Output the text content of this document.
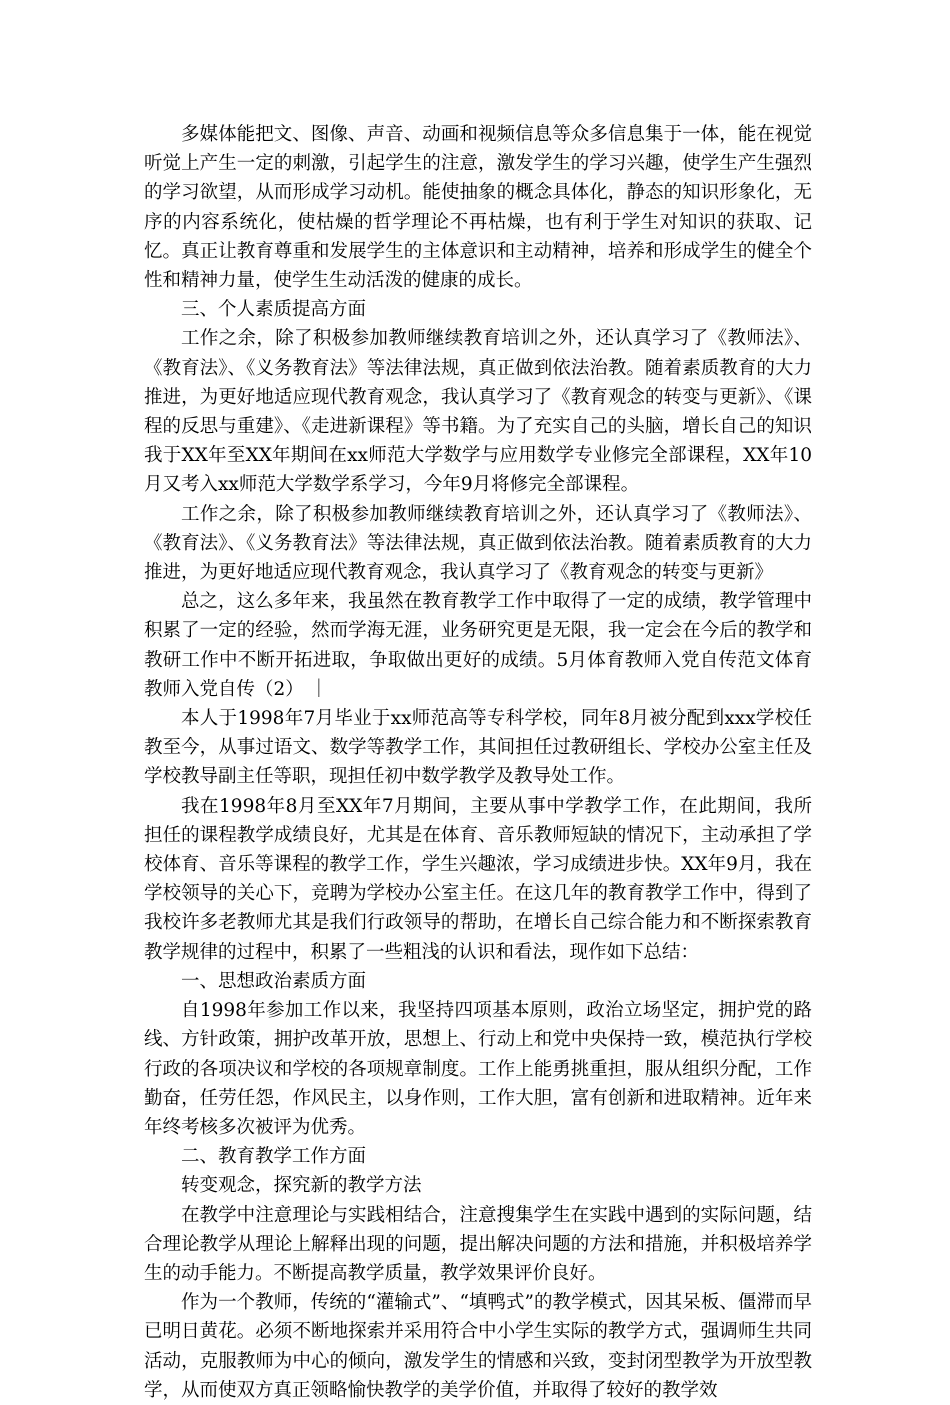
多媒体能把文、图像、声音、动画和视频信息等众多信息集于一体，能在视觉听觉上产生一定的刺激，引起学生的注意，激发学生的学习兴趣，使学生产生强烈的学习欲望，从而形成学习动机。能使抽象的概念具体化，静态的知识形象化，无序的内容系统化，使枯燥的哲学理论不再枯燥，也有利于学生对知识的获取、记忆。真正让教育尊重和发展学生的主体意识和主动精神，培养和形成学生的健全个性和精神力量，使学生生动活泼的健康的成长。

三、个人素质提高方面

工作之余，除了积极参加教师继续教育培训之外，还认真学习了《教师法》、《教育法》、《义务教育法》等法律法规，真正做到依法治教。随着素质教育的大力推进，为更好地适应现代教育观念，我认真学习了《教育观念的转变与更新》、《课程的反思与重建》、《走进新课程》等书籍。为了充实自己的头脑，增长自己的知识我于XX年至XX年期间在xx师范大学数学与应用数学专业修完全部课程，XX年10月又考入xx师范大学数学系学习，今年9月将修完全部课程。

工作之余，除了积极参加教师继续教育培训之外，还认真学习了《教师法》、《教育法》、《义务教育法》等法律法规，真正做到依法治教。随着素质教育的大力推进，为更好地适应现代教育观念，我认真学习了《教育观念的转变与更新》

总之，这么多年来，我虽然在教育教学工作中取得了一定的成绩，教学管理中积累了一定的经验，然而学海无涯，业务研究更是无限，我一定会在今后的教学和教研工作中不断开拓进取，争取做出更好的成绩。5月体育教师入党自传范文体育教师入党自传（2） ｜

本人于1998年7月毕业于xx师范高等专科学校，同年8月被分配到xxx学校任教至今，从事过语文、数学等教学工作，其间担任过教研组长、学校办公室主任及学校教导副主任等职，现担任初中数学教学及教导处工作。

我在1998年8月至XX年7月期间，主要从事中学教学工作，在此期间，我所担任的课程教学成绩良好，尤其是在体育、音乐教师短缺的情况下，主动承担了学校体育、音乐等课程的教学工作，学生兴趣浓，学习成绩进步快。XX年9月，我在学校领导的关心下，竞聘为学校办公室主任。在这几年的教育教学工作中，得到了我校许多老教师尤其是我们行政领导的帮助，在增长自己综合能力和不断探索教育教学规律的过程中，积累了一些粗浅的认识和看法，现作如下总结：

一、思想政治素质方面

自1998年参加工作以来，我坚持四项基本原则，政治立场坚定，拥护党的路线、方针政策，拥护改革开放，思想上、行动上和党中央保持一致，模范执行学校行政的各项决议和学校的各项规章制度。工作上能勇挑重担，服从组织分配，工作勤奋，任劳任怨，作风民主，以身作则，工作大胆，富有创新和进取精神。近年来年终考核多次被评为优秀。

二、教育教学工作方面

转变观念，探究新的教学方法

在教学中注意理论与实践相结合，注意搜集学生在实践中遇到的实际问题，结合理论教学从理论上解释出现的问题，提出解决问题的方法和措施，并积极培养学生的动手能力。不断提高教学质量，教学效果评价良好。

作为一个教师，传统的“灌输式”、“填鸭式”的教学模式，因其呆板、僵滞而早已明日黄花。必须不断地探索并采用符合中小学生实际的教学方式，强调师生共同活动，克服教师为中心的倾向，激发学生的情感和兴致，变封闭型教学为开放型教学，从而使双方真正领略愉快教学的美学价值，并取得了较好的教学效
